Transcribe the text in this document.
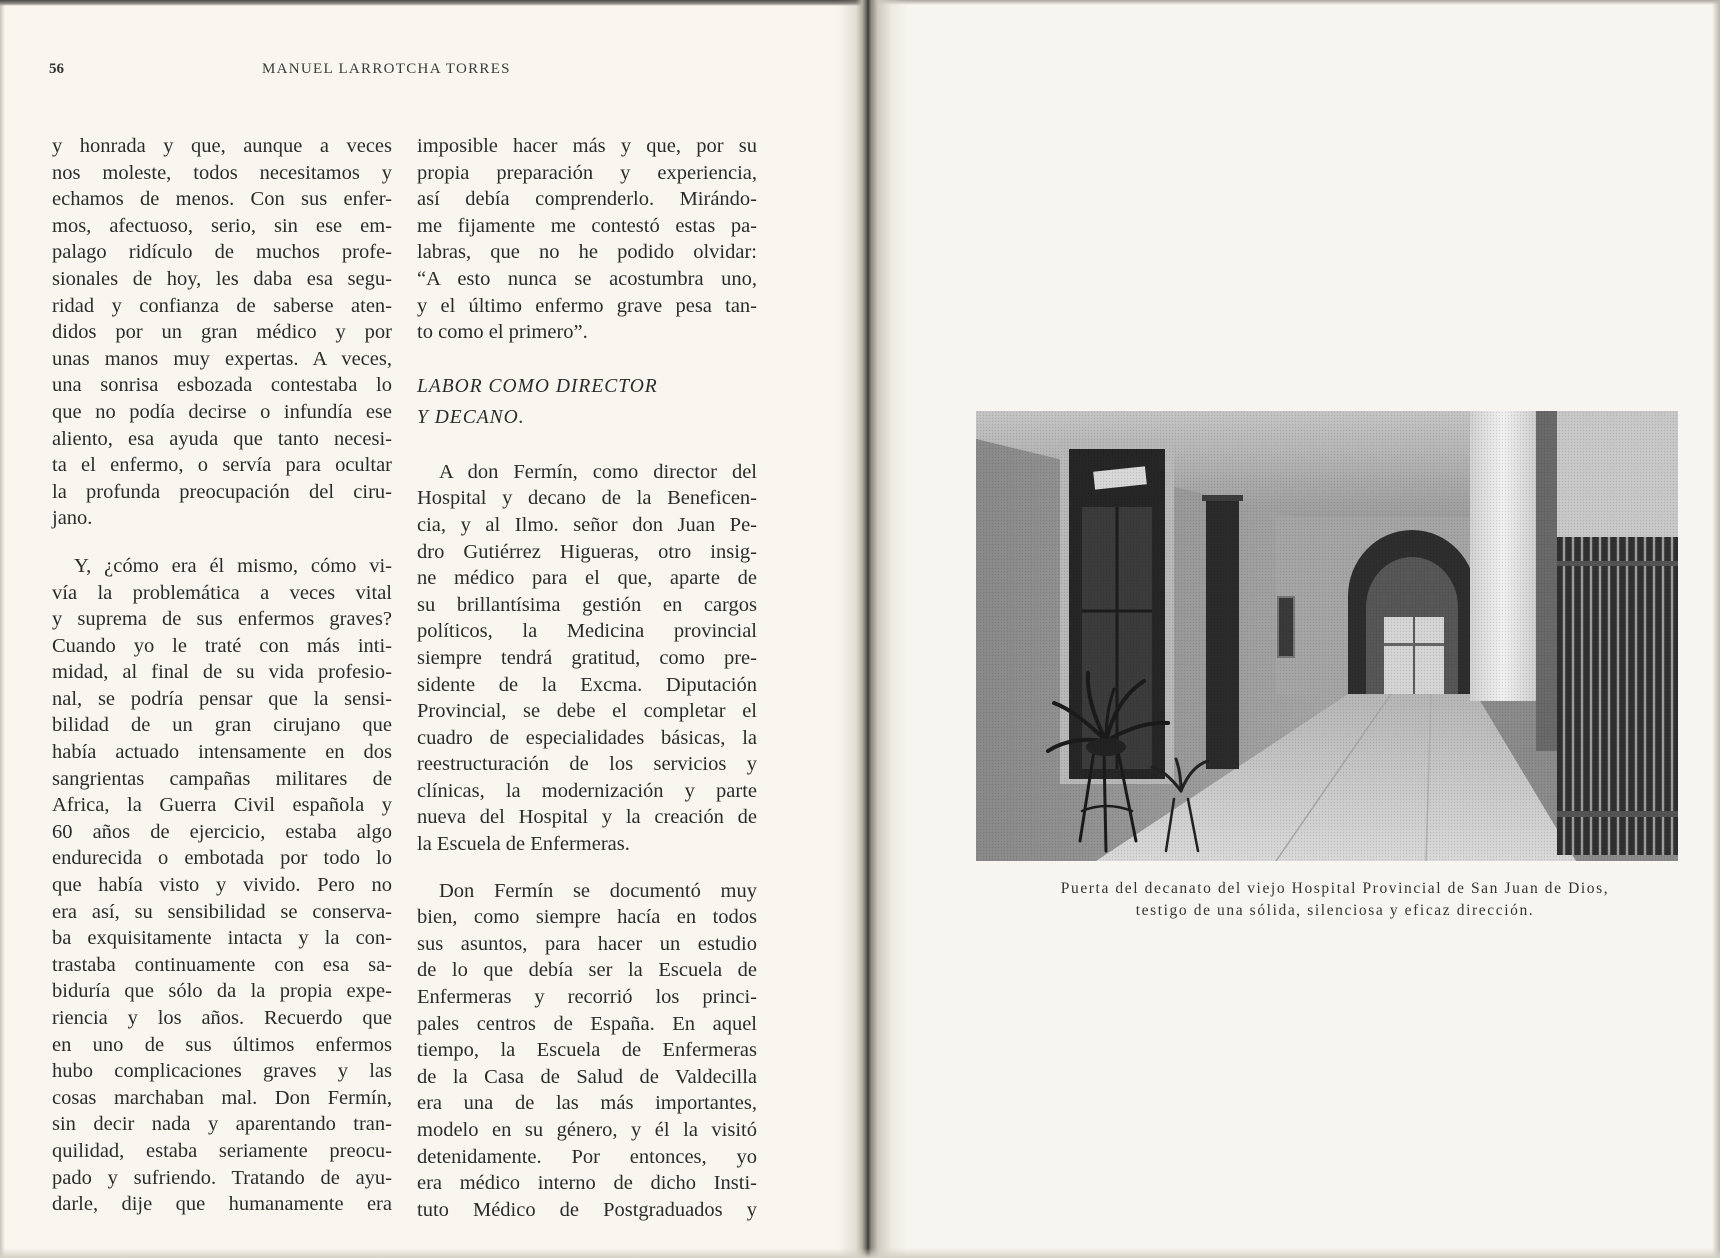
56	MANUEL LARROTCHA TORRES
y honrada y que, aunque a veces
nos moleste, todos necesitamos y
echamos de menos. Con sus enfer-
mos, afectuoso, serio, sin ese em-
palago ridículo de muchos profe-
sionales de hoy, les daba esa segu-
ridad y confianza de saberse aten-
didos por un gran médico y por
unas manos muy expertas. A veces,
una sonrisa esbozada contestaba lo
que no podía decirse o infundía ese
aliento, esa ayuda que tanto necesi-
ta el enfermo, o servía para ocultar
la profunda preocupación del ciru-
jano.
Y, ¿cómo era él mismo, cómo vi-
vía la problemática a veces vital
y suprema de sus enfermos graves?
Cuando yo le traté con más inti-
midad, al final de su vida profesio-
nal, se podría pensar que la sensi-
bilidad de un gran cirujano que
había actuado intensamente en dos
sangrientas campañas militares de
Africa, la Guerra Civil española y
60 años de ejercicio, estaba algo
endurecida o embotada por todo lo
que había visto y vivido. Pero no
era así, su sensibilidad se conserva-
ba exquisitamente intacta y la con-
trastaba continuamente con esa sa-
biduría que sólo da la propia expe-
riencia y los años. Recuerdo que
en uno de sus últimos enfermos
hubo complicaciones graves y las
cosas marchaban mal. Don Fermín,
sin decir nada y aparentando tran-
quilidad, estaba seriamente preocu-
pado y sufriendo. Tratando de ayu-
darle, dije que humanamente era
imposible hacer más y que, por su
propia preparación y experiencia,
así debía comprenderlo. Mirándo-
me fijamente me contestó estas pa-
labras, que no he podido olvidar:
“A esto nunca se acostumbra uno,
y el último enfermo grave pesa tan-
to como el primero”.
LABOR COMO DIRECTOR
Y DECANO.
A don Fermín, como director del
Hospital y decano de la Beneficen-
cia, y al Ilmo. señor don Juan Pe-
dro Gutiérrez Higueras, otro insig-
ne médico para el que, aparte de
su brillantísima gestión en cargos
políticos, la Medicina provincial
siempre tendrá gratitud, como pre-
sidente de la Excma. Diputación
Provincial, se debe el completar el
cuadro de especialidades básicas, la
reestructuración de los servicios y
clínicas, la modernización y parte
nueva del Hospital y la creación de
la Escuela de Enfermeras.
Don Fermín se documentó muy
bien, como siempre hacía en todos
sus asuntos, para hacer un estudio
de lo que debía ser la Escuela de
Enfermeras y recorrió los princi-
pales centros de España. En aquel
tiempo, la Escuela de Enfermeras
de la Casa de Salud de Valdecilla
era una de las más importantes,
modelo en su género, y él la visitó
detenidamente. Por entonces, yo
era médico interno de dicho Insti-
tuto Médico de Postgraduados y
Puerta del decanato del viejo Hospital Provincial de San Juan de Dios,
testigo de una sólida, silenciosa y eficaz dirección.
